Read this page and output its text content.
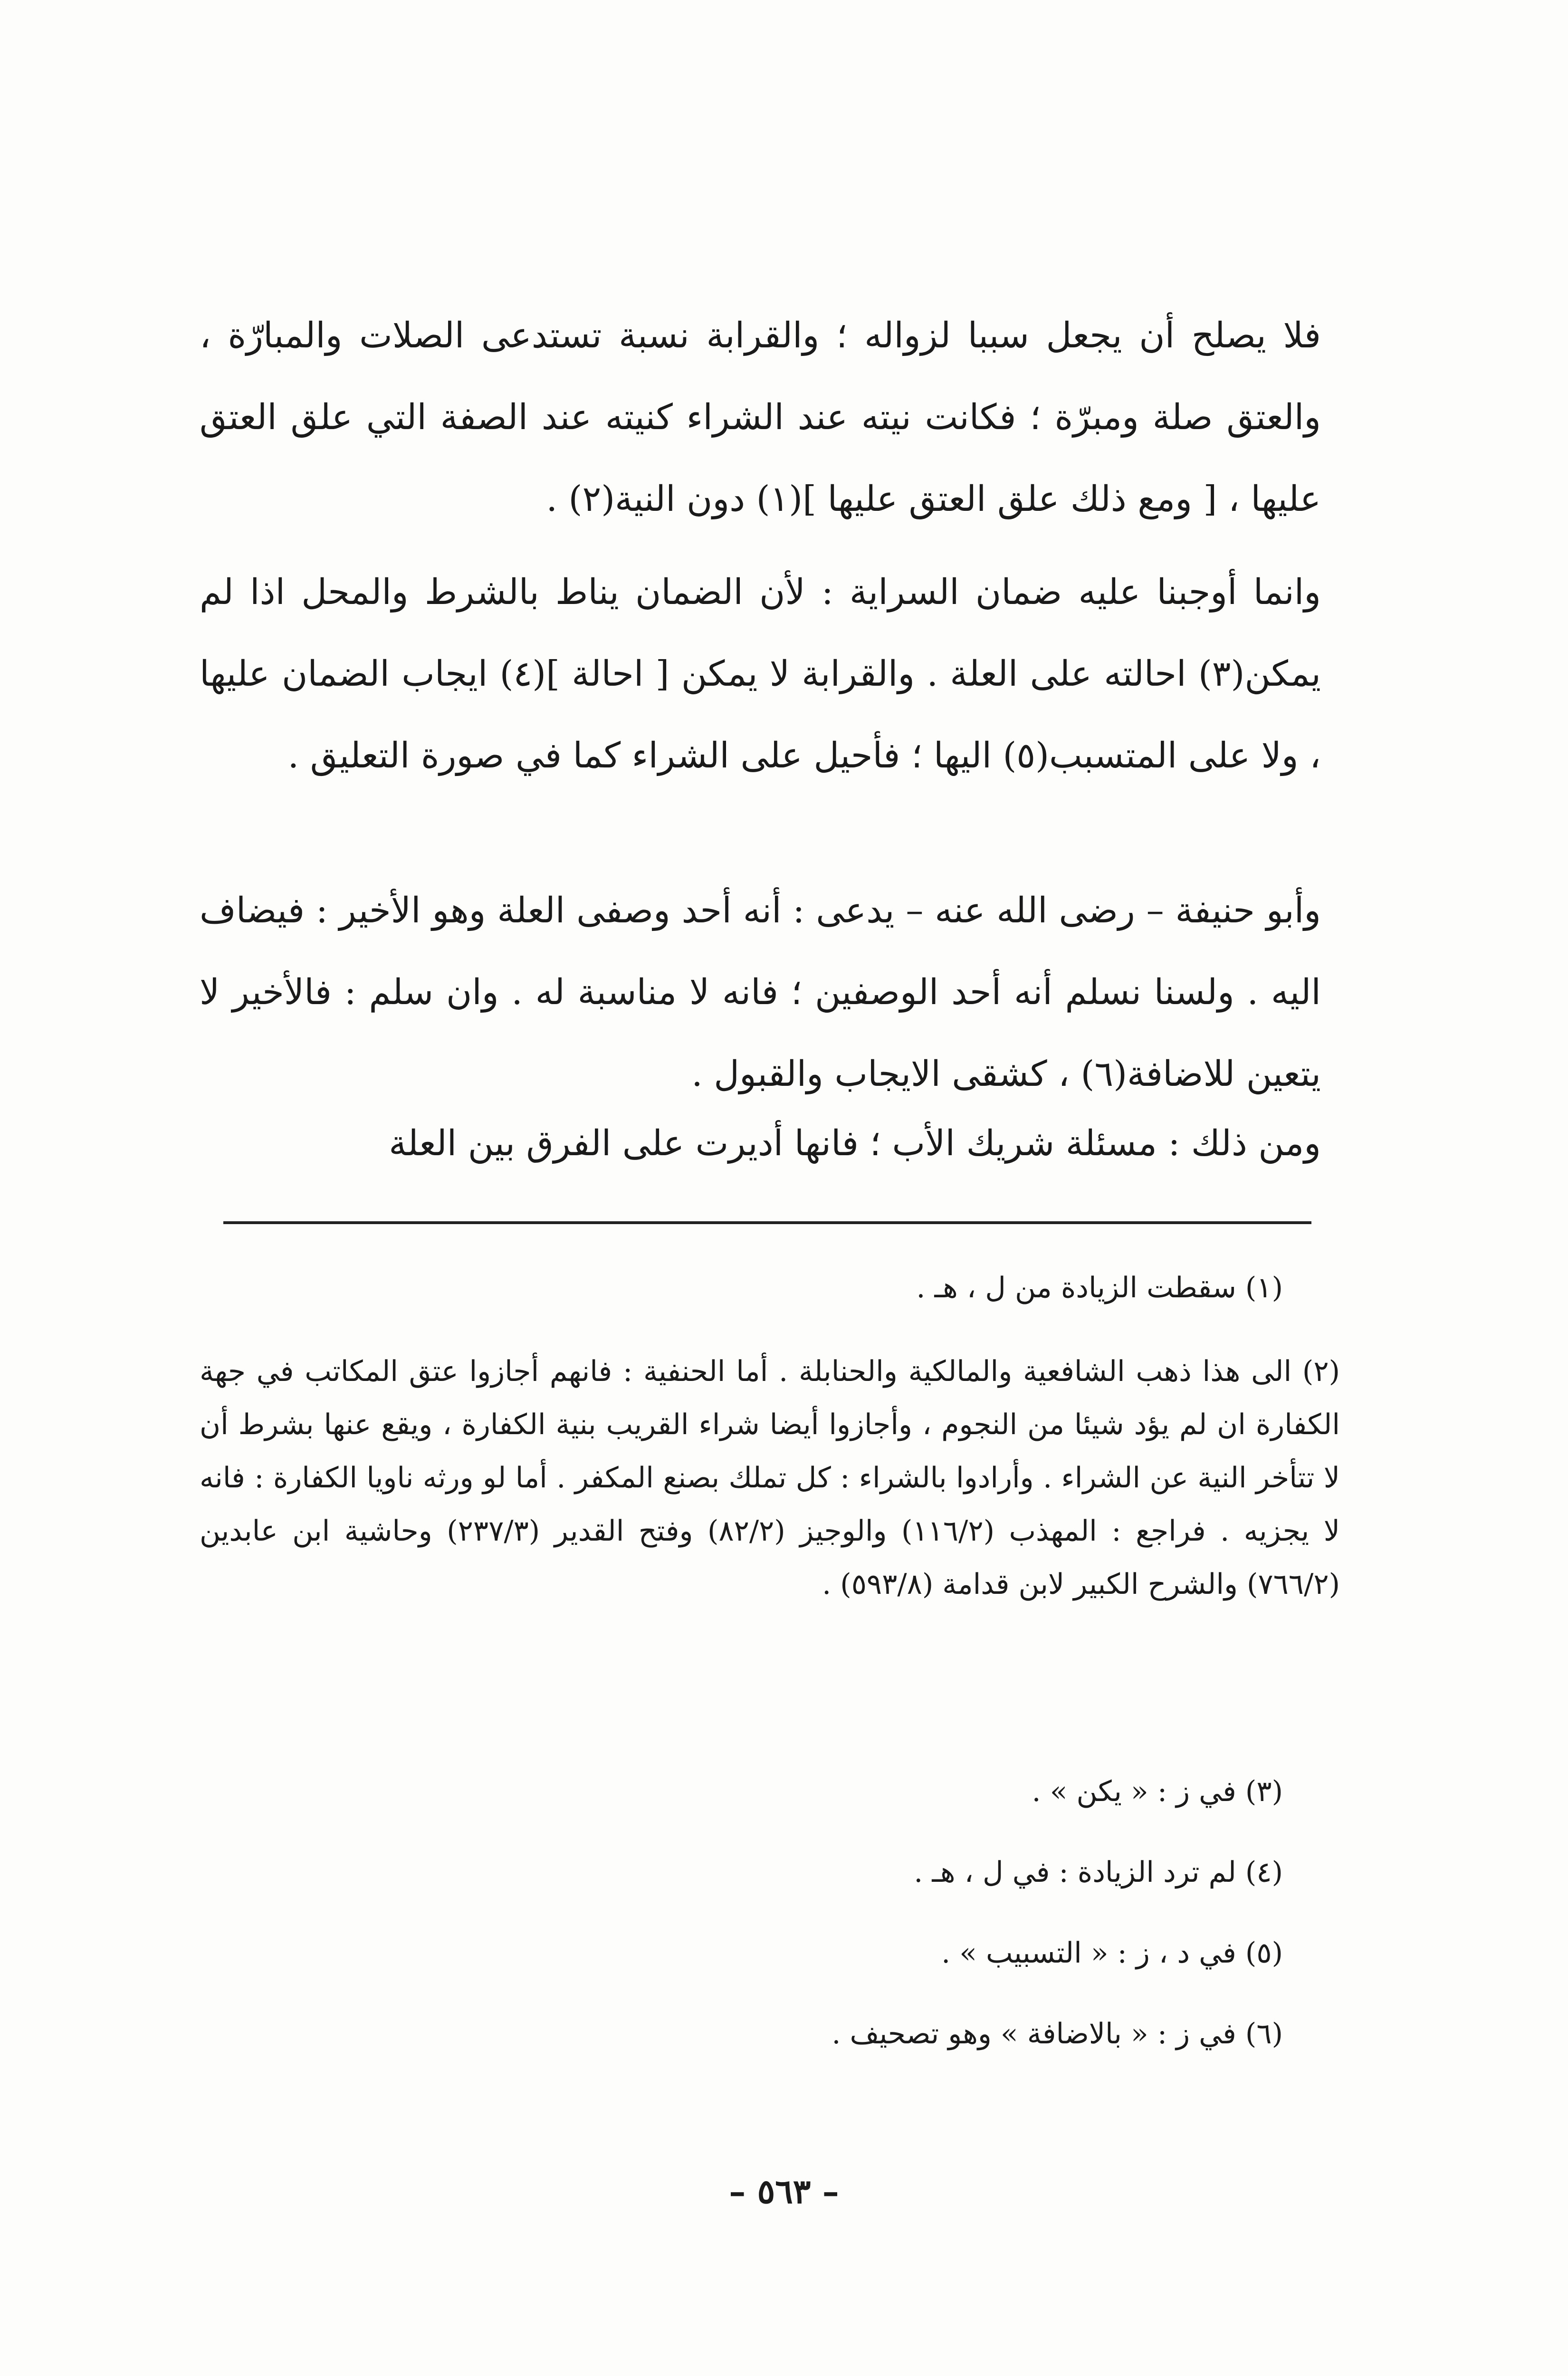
فلا يصلح أن يجعل سببا لزواله ؛ والقرابة نسبة تستدعى الصلات والمبارّة ، والعتق صلة ومبرّة ؛ فكانت نيته عند الشراء كنيته عند الصفة التي علق العتق عليها ، [ ومع ذلك علق العتق عليها ](١) دون النية(٢) .

وانما أوجبنا عليه ضمان السراية : لأن الضمان يناط بالشرط والمحل اذا لم يمكن(٣) احالته على العلة . والقرابة لا يمكن [ احالة ](٤) ايجاب الضمان عليها ، ولا على المتسبب(٥) اليها ؛ فأحيل على الشراء كما في صورة التعليق .

وأبو حنيفة – رضى الله عنه – يدعى : أنه أحد وصفى العلة وهو الأخير : فيضاف اليه . ولسنا نسلم أنه أحد الوصفين ؛ فانه لا مناسبة له . وان سلم : فالأخير لا يتعين للاضافة(٦) ، كشقى الايجاب والقبول .

ومن ذلك : مسئلة شريك الأب ؛ فانها أديرت على الفرق بين العلة

(١) سقطت الزيادة من ل ، هـ .

(٢) الى هذا ذهب الشافعية والمالكية والحنابلة . أما الحنفية : فانهم أجازوا عتق المكاتب في جهة الكفارة ان لم يؤد شيئا من النجوم ، وأجازوا أيضا شراء القريب بنية الكفارة ، ويقع عنها بشرط أن لا تتأخر النية عن الشراء . وأرادوا بالشراء : كل تملك بصنع المكفر . أما لو ورثه ناويا الكفارة : فانه لا يجزيه . فراجع : المهذب (١١٦/٢) والوجيز (٨٢/٢) وفتح القدير (٢٣٧/٣) وحاشية ابن عابدين (٧٦٦/٢) والشرح الكبير لابن قدامة (٥٩٣/٨) .

(٣) في ز : « يكن » .

(٤) لم ترد الزيادة : في ل ، هـ .

(٥) في د ، ز : « التسبيب » .

(٦) في ز : « بالاضافة » وهو تصحيف .

– ٥٦٣ –
